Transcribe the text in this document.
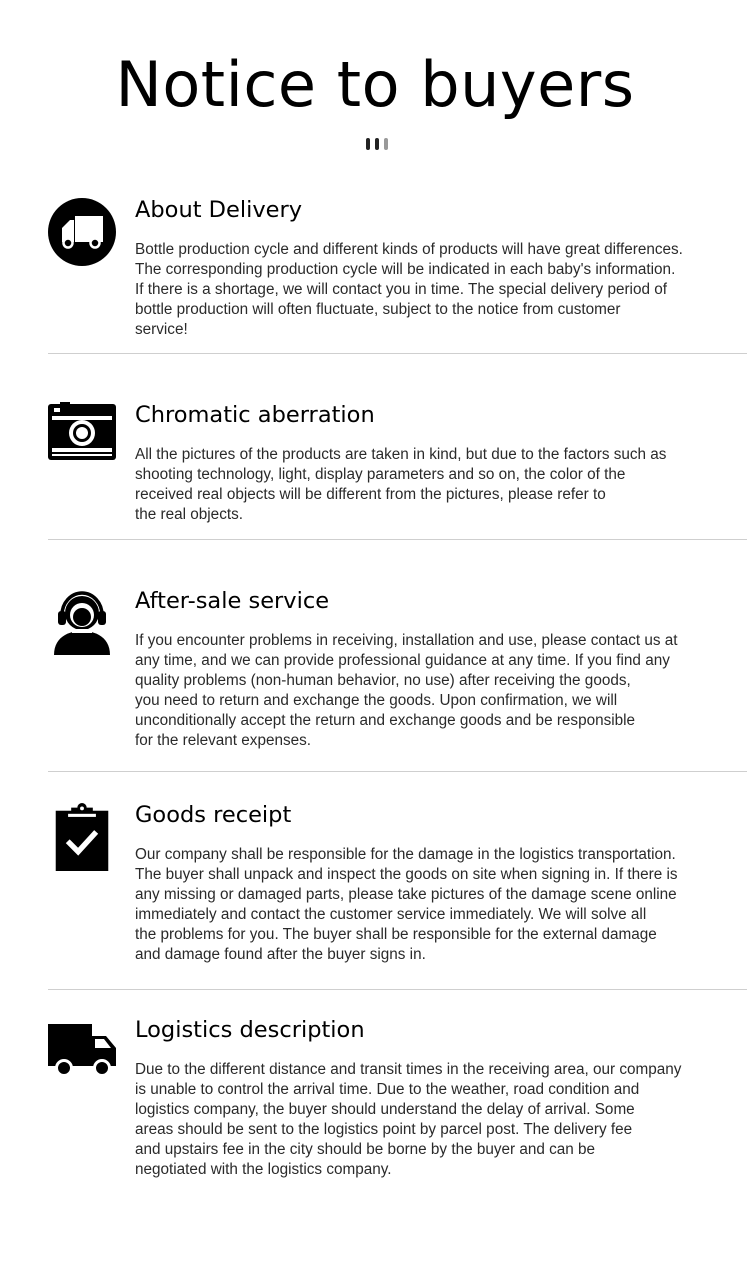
Notice to buyers
About Delivery

Bottle production cycle and different kinds of products will have great differences.
The corresponding production cycle will be indicated in each baby's information.
If there is a shortage, we will contact you in time. The special delivery period of
bottle production will often fluctuate, subject to the notice from customer
service!

Chromatic aberration

All the pictures of the products are taken in kind, but due to the factors such as
shooting technology, light, display parameters and so on, the color of the
received real objects will be different from the pictures, please refer to
the real objects.

After-sale service

If you encounter problems in receiving, installation and use, please contact us at
any time, and we can provide professional guidance at any time. If you find any
quality problems (non-human behavior, no use) after receiving the goods,
you need to return and exchange the goods. Upon confirmation, we will
unconditionally accept the return and exchange goods and be responsible
for the relevant expenses.

Goods receipt

Our company shall be responsible for the damage in the logistics transportation.
The buyer shall unpack and inspect the goods on site when signing in. If there is
any missing or damaged parts, please take pictures of the damage scene online
immediately and contact the customer service immediately. We will solve all
the problems for you. The buyer shall be responsible for the external damage
and damage found after the buyer signs in.

Logistics description

Due to the different distance and transit times in the receiving area, our company
is unable to control the arrival time. Due to the weather, road condition and
logistics company, the buyer should understand the delay of arrival. Some
areas should be sent to the logistics point by parcel post. The delivery fee
and upstairs fee in the city should be borne by the buyer and can be
negotiated with the logistics company.
